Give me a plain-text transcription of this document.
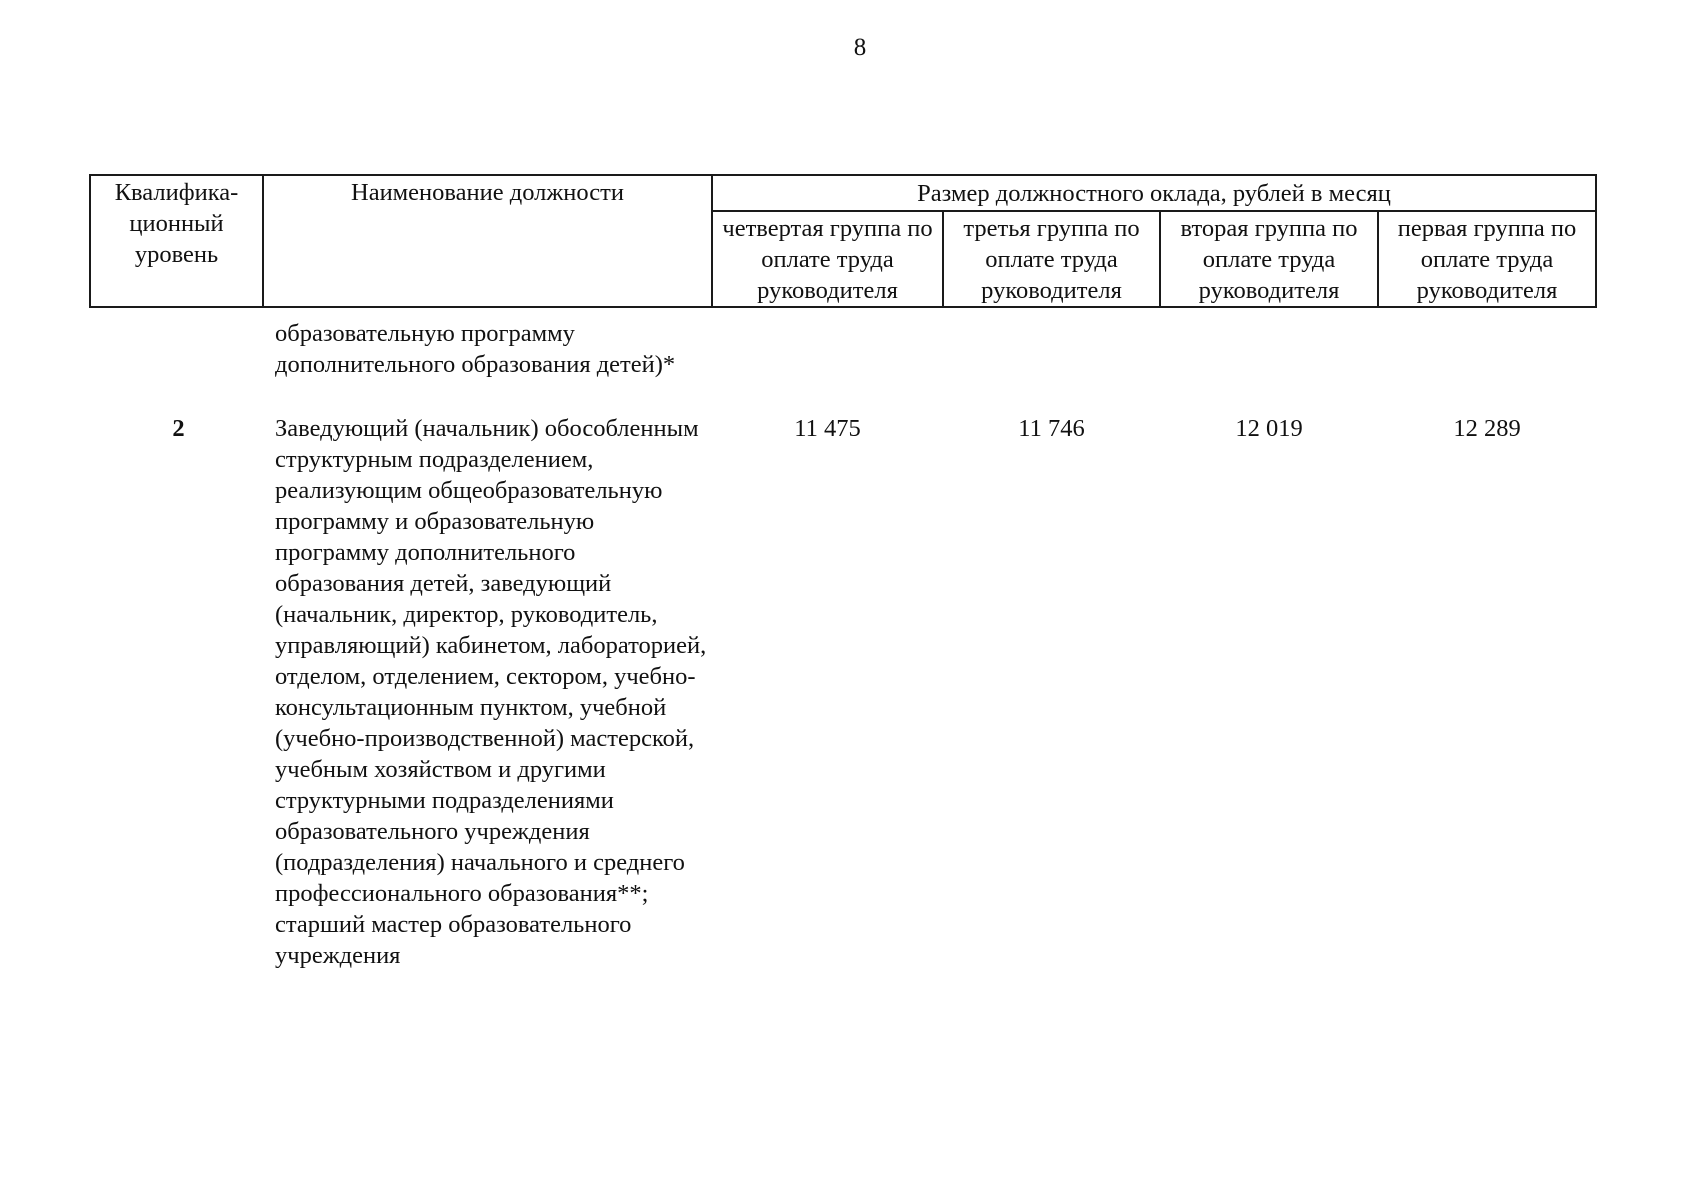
8
Квалифика-ционный уровень	Наименование должности	Размер должностного оклада, рублей в месяц			
		четвертая группа по оплате труда руководителя	третья группа по оплате труда руководителя	вторая группа по оплате труда руководителя	первая группа по оплате труда руководителя
	образовательную программу дополнительного образования детей)*				
2	Заведующий (начальник) обособленным структурным подразделением, реализующим общеобразовательную программу и образовательную программу дополнительного образования детей, заведующий (начальник, директор, руководитель, управляющий) кабинетом, лабораторией, отделом, отделением, сектором, учебно-консультационным пунктом, учебной (учебно-производственной) мастерской, учебным хозяйством и другими структурными подразделениями образовательного учреждения (подразделения) начального и среднего профессионального образования**; старший мастер образовательного учреждения	11 475	11 746	12 019	12 289
